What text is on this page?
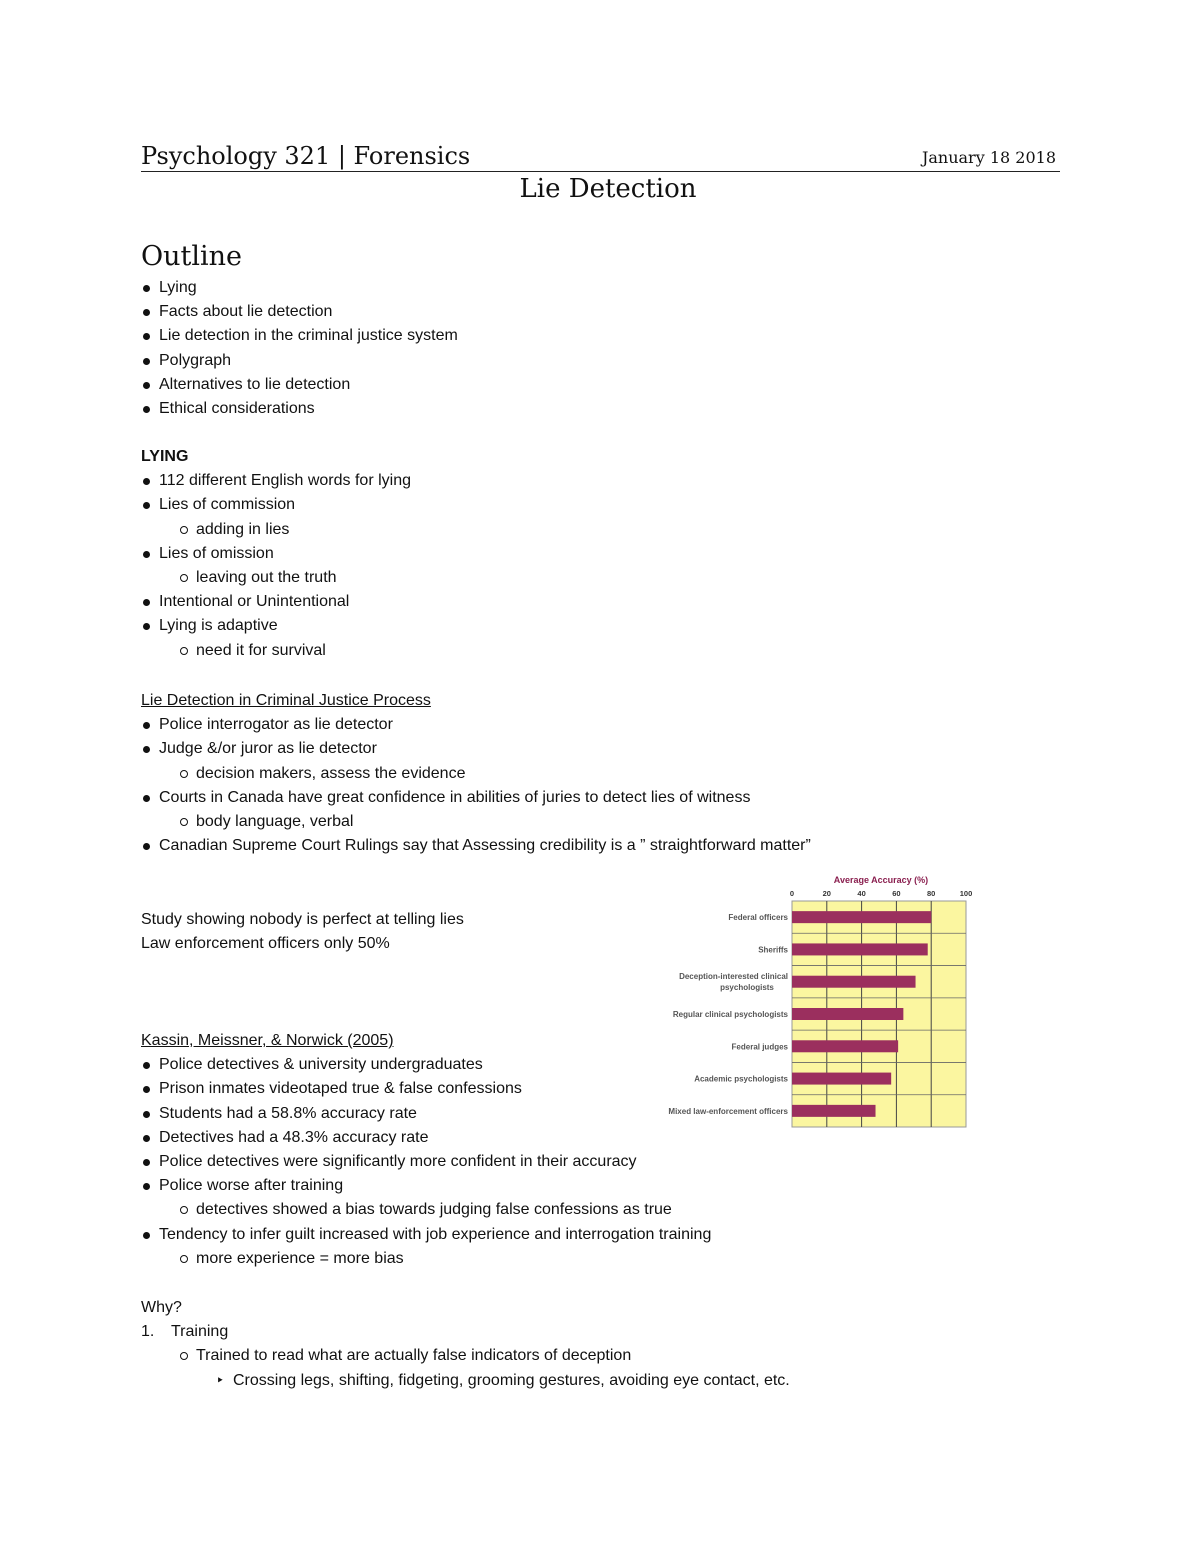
Psychology 321 | Forensics	January 18 2018
Lie Detection
Outline
Lying
Facts about lie detection
Lie detection in the criminal justice system
Polygraph
Alternatives to lie detection
Ethical considerations
LYING
112 different English words for lying
Lies of commission
adding in lies
Lies of omission
leaving out the truth
Intentional or Unintentional
Lying is adaptive
need it for survival
Lie Detection in Criminal Justice Process
Police interrogator as lie detector
Judge &/or juror as lie detector
decision makers, assess the evidence
Courts in Canada have great confidence in abilities of juries to detect lies of witness
body language, verbal
Canadian Supreme Court Rulings say that Assessing credibility is a ” straightforward matter”
Study showing nobody is perfect at telling lies
Law enforcement officers only 50%
Average Accuracy (%)
0	20	40	60	80	100
Federal officers
Sheriffs
Deception-interested clinical psychologists
Regular clinical psychologists
Federal judges
Academic psychologists
Mixed law-enforcement officers
Kassin, Meissner, & Norwick (2005)
Police detectives & university undergraduates
Prison inmates videotaped true & false confessions
Students had a 58.8% accuracy rate
Detectives had a 48.3% accuracy rate
Police detectives were significantly more confident in their accuracy
Police worse after training
detectives showed a bias towards judging false confessions as true
Tendency to infer guilt increased with job experience and interrogation training
more experience = more bias
Why?
1. Training
Trained to read what are actually false indicators of deception
‣ Crossing legs, shifting, fidgeting, grooming gestures, avoiding eye contact, etc.
